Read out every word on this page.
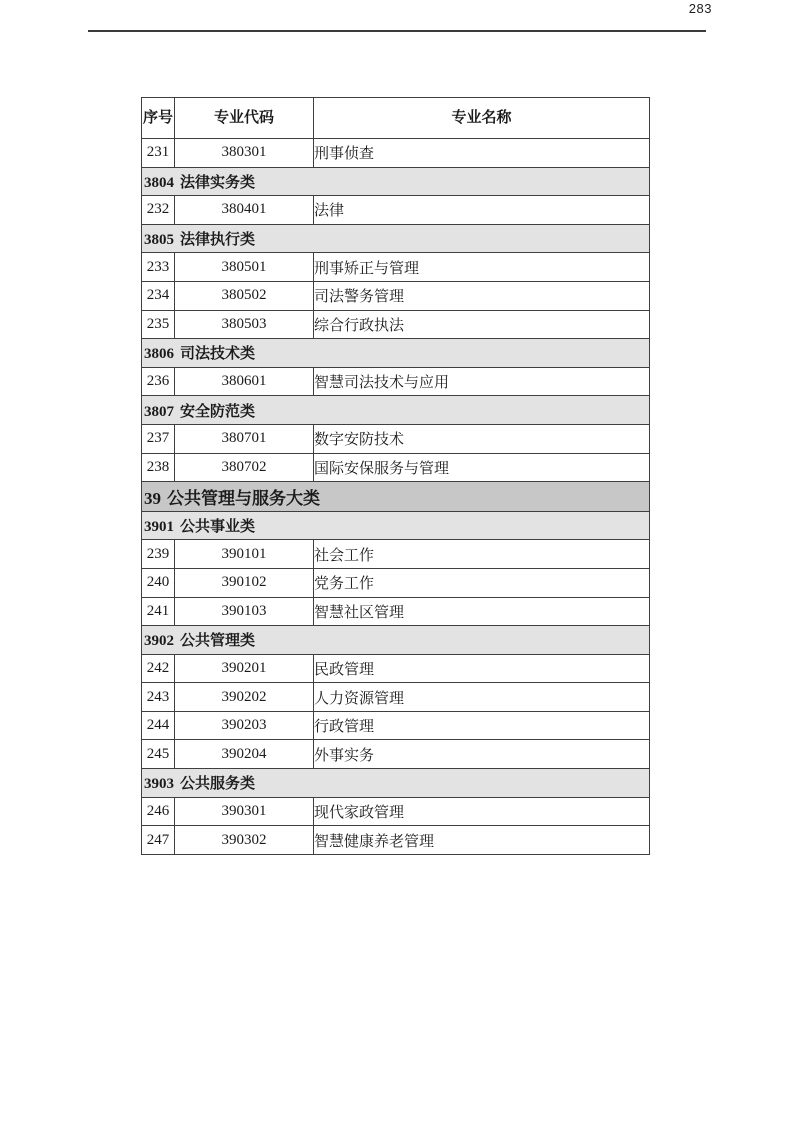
283
序号	专业代码	专业名称
231	380301	刑事侦查
3804 法律实务类		
232	380401	法律
3805 法律执行类		
233	380501	刑事矫正与管理
234	380502	司法警务管理
235	380503	综合行政执法
3806 司法技术类		
236	380601	智慧司法技术与应用
3807 安全防范类		
237	380701	数字安防技术
238	380702	国际安保服务与管理
39 公共管理与服务大类		
3901 公共事业类		
239	390101	社会工作
240	390102	党务工作
241	390103	智慧社区管理
3902 公共管理类		
242	390201	民政管理
243	390202	人力资源管理
244	390203	行政管理
245	390204	外事实务
3903 公共服务类		
246	390301	现代家政管理
247	390302	智慧健康养老管理
